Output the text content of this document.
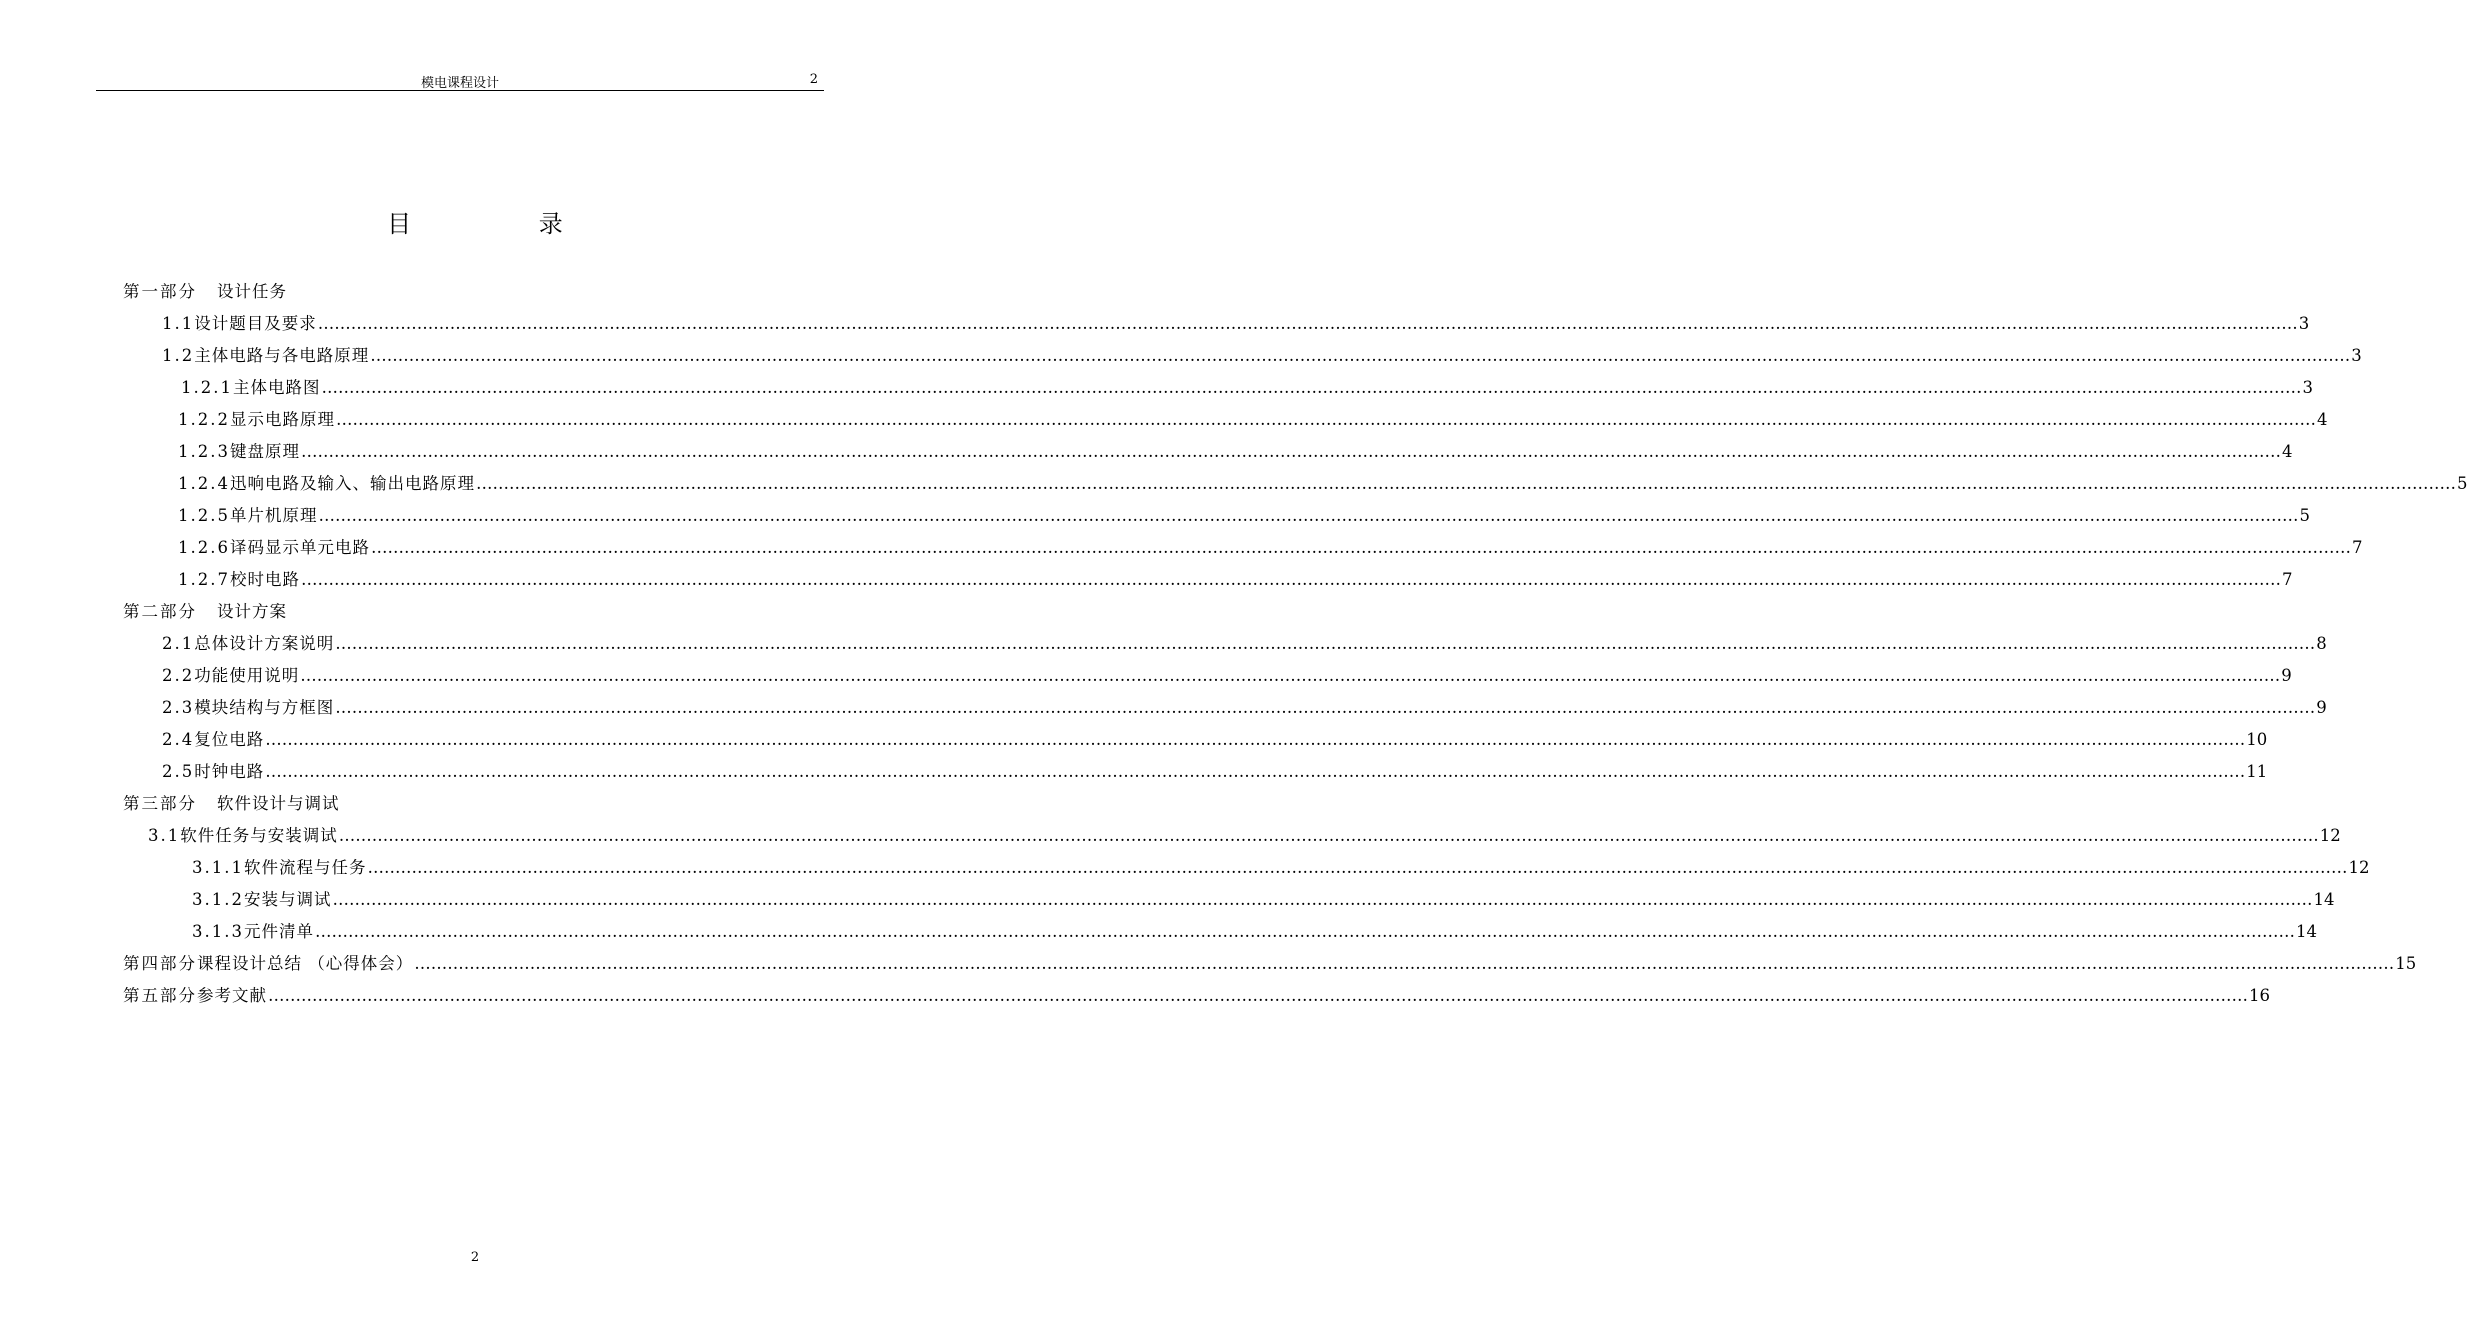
模电课程设计	2
目 录
第一部分 设计任务
1.1 设计题目及要求 ……………………………………………………………………………………………………………………………………………………………………………………………………………………………………………………………………………………………………………………………… 3
1.2 主体电路与各电路原理 ……………………………………………………………………………………………………………………………………………………………………………………………………………………………………………………………………………………………………………………………… 3
1.2.1 主体电路图 ……………………………………………………………………………………………………………………………………………………………………………………………………………………………………………………………………………………………………………………………… 3
1.2.2 显示电路原理 ……………………………………………………………………………………………………………………………………………………………………………………………………………………………………………………………………………………………………………………………… 4
1.2.3 键盘原理 ……………………………………………………………………………………………………………………………………………………………………………………………………………………………………………………………………………………………………………………………… 4
1.2.4 迅响电路及输入、输出电路原理 ……………………………………………………………………………………………………………………………………………………………………………………………………………………………………………………………………………………………………………………………… 5
1.2.5 单片机原理 ……………………………………………………………………………………………………………………………………………………………………………………………………………………………………………………………………………………………………………………………… 5
1.2.6 译码显示单元电路 ……………………………………………………………………………………………………………………………………………………………………………………………………………………………………………………………………………………………………………………………… 7
1.2.7 校时电路 ……………………………………………………………………………………………………………………………………………………………………………………………………………………………………………………………………………………………………………………………… 7
第二部分 设计方案
2.1 总体设计方案说明 ……………………………………………………………………………………………………………………………………………………………………………………………………………………………………………………………………………………………………………………………… 8
2.2 功能使用说明 ……………………………………………………………………………………………………………………………………………………………………………………………………………………………………………………………………………………………………………………………… 9
2.3 模块结构与方框图 ……………………………………………………………………………………………………………………………………………………………………………………………………………………………………………………………………………………………………………………………… 9
2.4 复位电路 ……………………………………………………………………………………………………………………………………………………………………………………………………………………………………………………………………………………………………………………………… 10
2.5 时钟电路 ……………………………………………………………………………………………………………………………………………………………………………………………………………………………………………………………………………………………………………………………… 11
第三部分 软件设计与调试
3.1 软件任务与安装调试 ……………………………………………………………………………………………………………………………………………………………………………………………………………………………………………………………………………………………………………………………… 12
3.1.1 软件流程与任务 ……………………………………………………………………………………………………………………………………………………………………………………………………………………………………………………………………………………………………………………………… 12
3.1.2 安装与调试 ……………………………………………………………………………………………………………………………………………………………………………………………………………………………………………………………………………………………………………………………… 14
3.1.3 元件清单 ……………………………………………………………………………………………………………………………………………………………………………………………………………………………………………………………………………………………………………………………… 14
第四部分 课程设计总结 （心得体会） ……………………………………………………………………………………………………………………………………………………………………………………………………………………………………………………………………………………………………………………………… 15
第五部分 参考文献 ……………………………………………………………………………………………………………………………………………………………………………………………………………………………………………………………………………………………………………………………… 16
2
